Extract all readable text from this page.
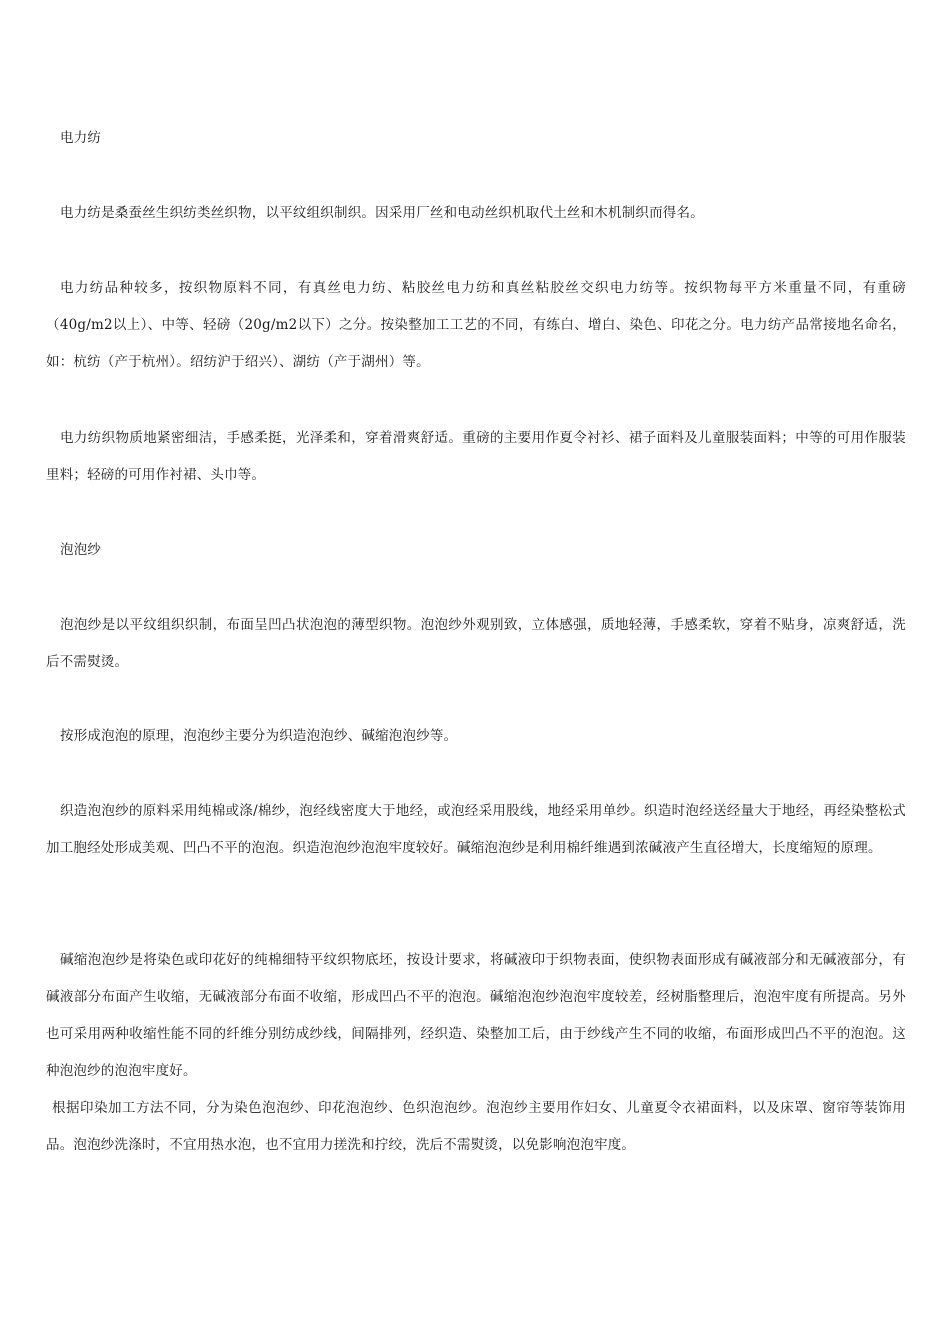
电力纺

电力纺是桑蚕丝生织纺类丝织物，以平纹组织制织。因采用厂丝和电动丝织机取代土丝和木机制织而得名。

电力纺品种较多，按织物原料不同，有真丝电力纺、粘胶丝电力纺和真丝粘胶丝交织电力纺等。按织物每平方米重量不同，有重磅（40g/m2以上）、中等、轻磅（20g/m2以下）之分。按染整加工工艺的不同，有练白、增白、染色、印花之分。电力纺产品常接地名命名，如：杭纺（产于杭州）。绍纺沪于绍兴）、湖纺（产于湖州）等。

电力纺织物质地紧密细洁，手感柔挺，光泽柔和，穿着滑爽舒适。重磅的主要用作夏令衬衫、裙子面料及儿童服装面料；中等的可用作服装里料；轻磅的可用作衬裙、头巾等。

泡泡纱

泡泡纱是以平纹组织织制，布面呈凹凸状泡泡的薄型织物。泡泡纱外观别致，立体感强，质地轻薄，手感柔软，穿着不贴身，凉爽舒适，洗后不需熨烫。

按形成泡泡的原理，泡泡纱主要分为织造泡泡纱、碱缩泡泡纱等。

织造泡泡纱的原料采用纯棉或涤/棉纱，泡经线密度大于地经，或泡经采用股线，地经采用单纱。织造时泡经送经量大于地经，再经染整松式加工胞经处形成美观、凹凸不平的泡泡。织造泡泡纱泡泡牢度较好。碱缩泡泡纱是利用棉纤维遇到浓碱液产生直径增大，长度缩短的原理。

碱缩泡泡纱是将染色或印花好的纯棉细特平纹织物底坯，按设计要求，将碱液印于织物表面，使织物表面形成有碱液部分和无碱液部分，有碱液部分布面产生收缩，无碱液部分布面不收缩，形成凹凸不平的泡泡。碱缩泡泡纱泡泡牢度较差，经树脂整理后，泡泡牢度有所提高。另外也可采用两种收缩性能不同的纤维分别纺成纱线，间隔排列，经织造、染整加工后，由于纱线产生不同的收缩，布面形成凹凸不平的泡泡。这种泡泡纱的泡泡牢度好。

根据印染加工方法不同，分为染色泡泡纱、印花泡泡纱、色织泡泡纱。泡泡纱主要用作妇女、儿童夏令衣裙面料，以及床罩、窗帘等装饰用品。泡泡纱洗涤时，不宜用热水泡，也不宜用力搓洗和拧绞，洗后不需熨烫，以免影响泡泡牢度。
